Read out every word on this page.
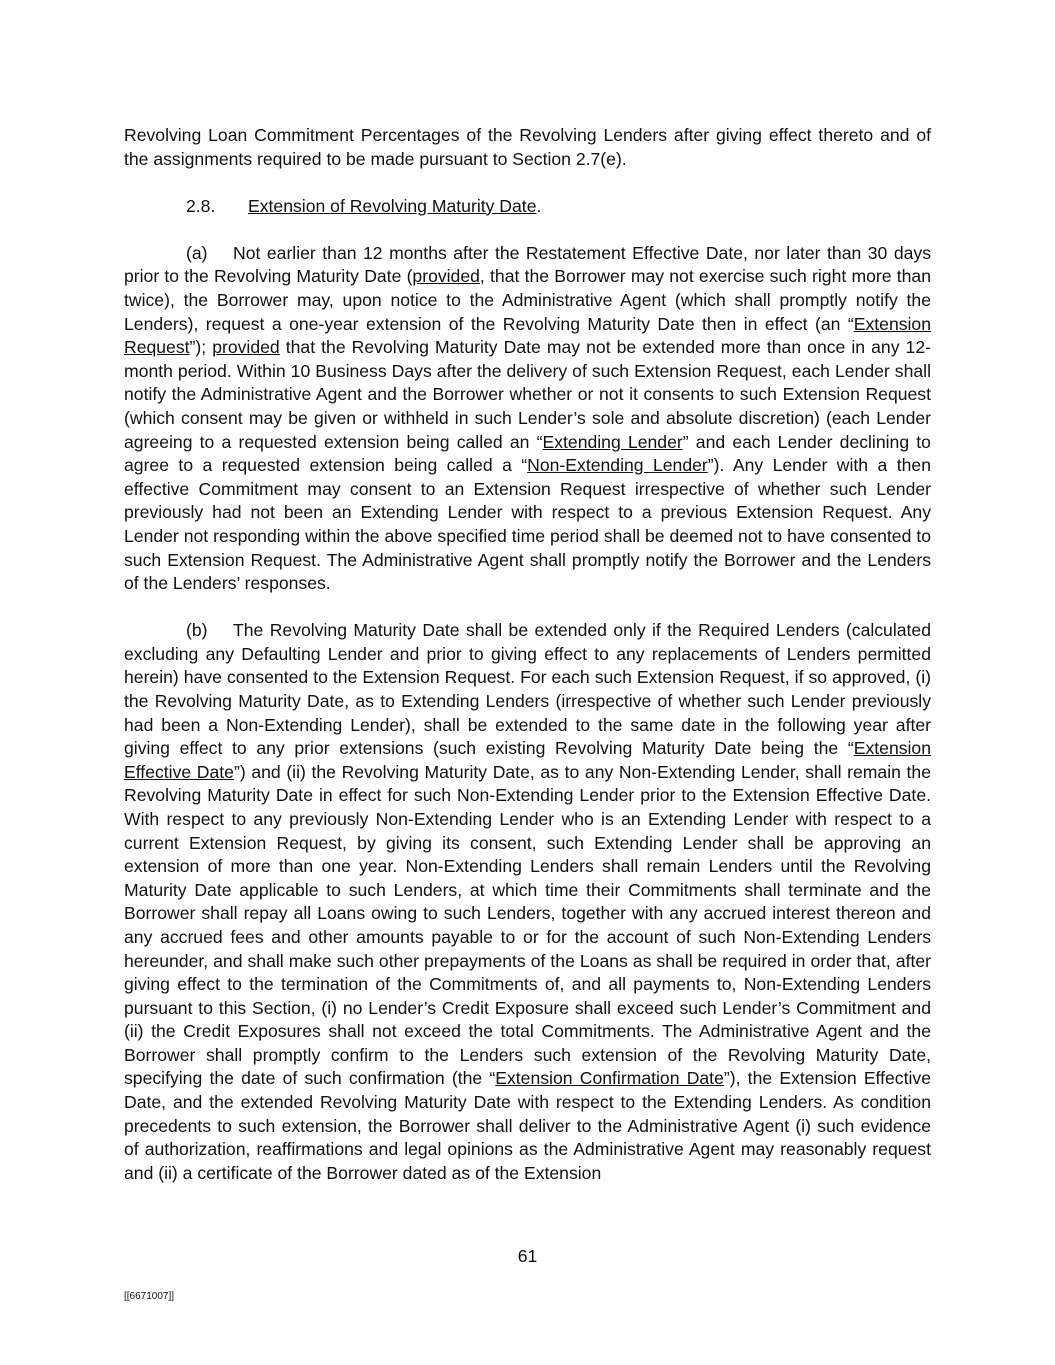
Revolving Loan Commitment Percentages of the Revolving Lenders after giving effect thereto and of the assignments required to be made pursuant to Section 2.7(e).

2.8. Extension of Revolving Maturity Date.

(a) Not earlier than 12 months after the Restatement Effective Date, nor later than 30 days prior to the Revolving Maturity Date (provided, that the Borrower may not exercise such right more than twice), the Borrower may, upon notice to the Administrative Agent (which shall promptly notify the Lenders), request a one-year extension of the Revolving Maturity Date then in effect (an “Extension Request”); provided that the Revolving Maturity Date may not be extended more than once in any 12-month period. Within 10 Business Days after the delivery of such Extension Request, each Lender shall notify the Administrative Agent and the Borrower whether or not it consents to such Extension Request (which consent may be given or withheld in such Lender’s sole and absolute discretion) (each Lender agreeing to a requested extension being called an “Extending Lender” and each Lender declining to agree to a requested extension being called a “Non-Extending Lender”). Any Lender with a then effective Commitment may consent to an Extension Request irrespective of whether such Lender previously had not been an Extending Lender with respect to a previous Extension Request. Any Lender not responding within the above specified time period shall be deemed not to have consented to such Extension Request. The Administrative Agent shall promptly notify the Borrower and the Lenders of the Lenders’ responses.

(b) The Revolving Maturity Date shall be extended only if the Required Lenders (calculated excluding any Defaulting Lender and prior to giving effect to any replacements of Lenders permitted herein) have consented to the Extension Request. For each such Extension Request, if so approved, (i) the Revolving Maturity Date, as to Extending Lenders (irrespective of whether such Lender previously had been a Non-Extending Lender), shall be extended to the same date in the following year after giving effect to any prior extensions (such existing Revolving Maturity Date being the “Extension Effective Date”) and (ii) the Revolving Maturity Date, as to any Non-Extending Lender, shall remain the Revolving Maturity Date in effect for such Non-Extending Lender prior to the Extension Effective Date. With respect to any previously Non-Extending Lender who is an Extending Lender with respect to a current Extension Request, by giving its consent, such Extending Lender shall be approving an extension of more than one year. Non-Extending Lenders shall remain Lenders until the Revolving Maturity Date applicable to such Lenders, at which time their Commitments shall terminate and the Borrower shall repay all Loans owing to such Lenders, together with any accrued interest thereon and any accrued fees and other amounts payable to or for the account of such Non-Extending Lenders hereunder, and shall make such other prepayments of the Loans as shall be required in order that, after giving effect to the termination of the Commitments of, and all payments to, Non-Extending Lenders pursuant to this Section, (i) no Lender’s Credit Exposure shall exceed such Lender’s Commitment and (ii) the Credit Exposures shall not exceed the total Commitments. The Administrative Agent and the Borrower shall promptly confirm to the Lenders such extension of the Revolving Maturity Date, specifying the date of such confirmation (the “Extension Confirmation Date”), the Extension Effective Date, and the extended Revolving Maturity Date with respect to the Extending Lenders. As condition precedents to such extension, the Borrower shall deliver to the Administrative Agent (i) such evidence of authorization, reaffirmations and legal opinions as the Administrative Agent may reasonably request and (ii) a certificate of the Borrower dated as of the Extension

61
[[6671007]]
